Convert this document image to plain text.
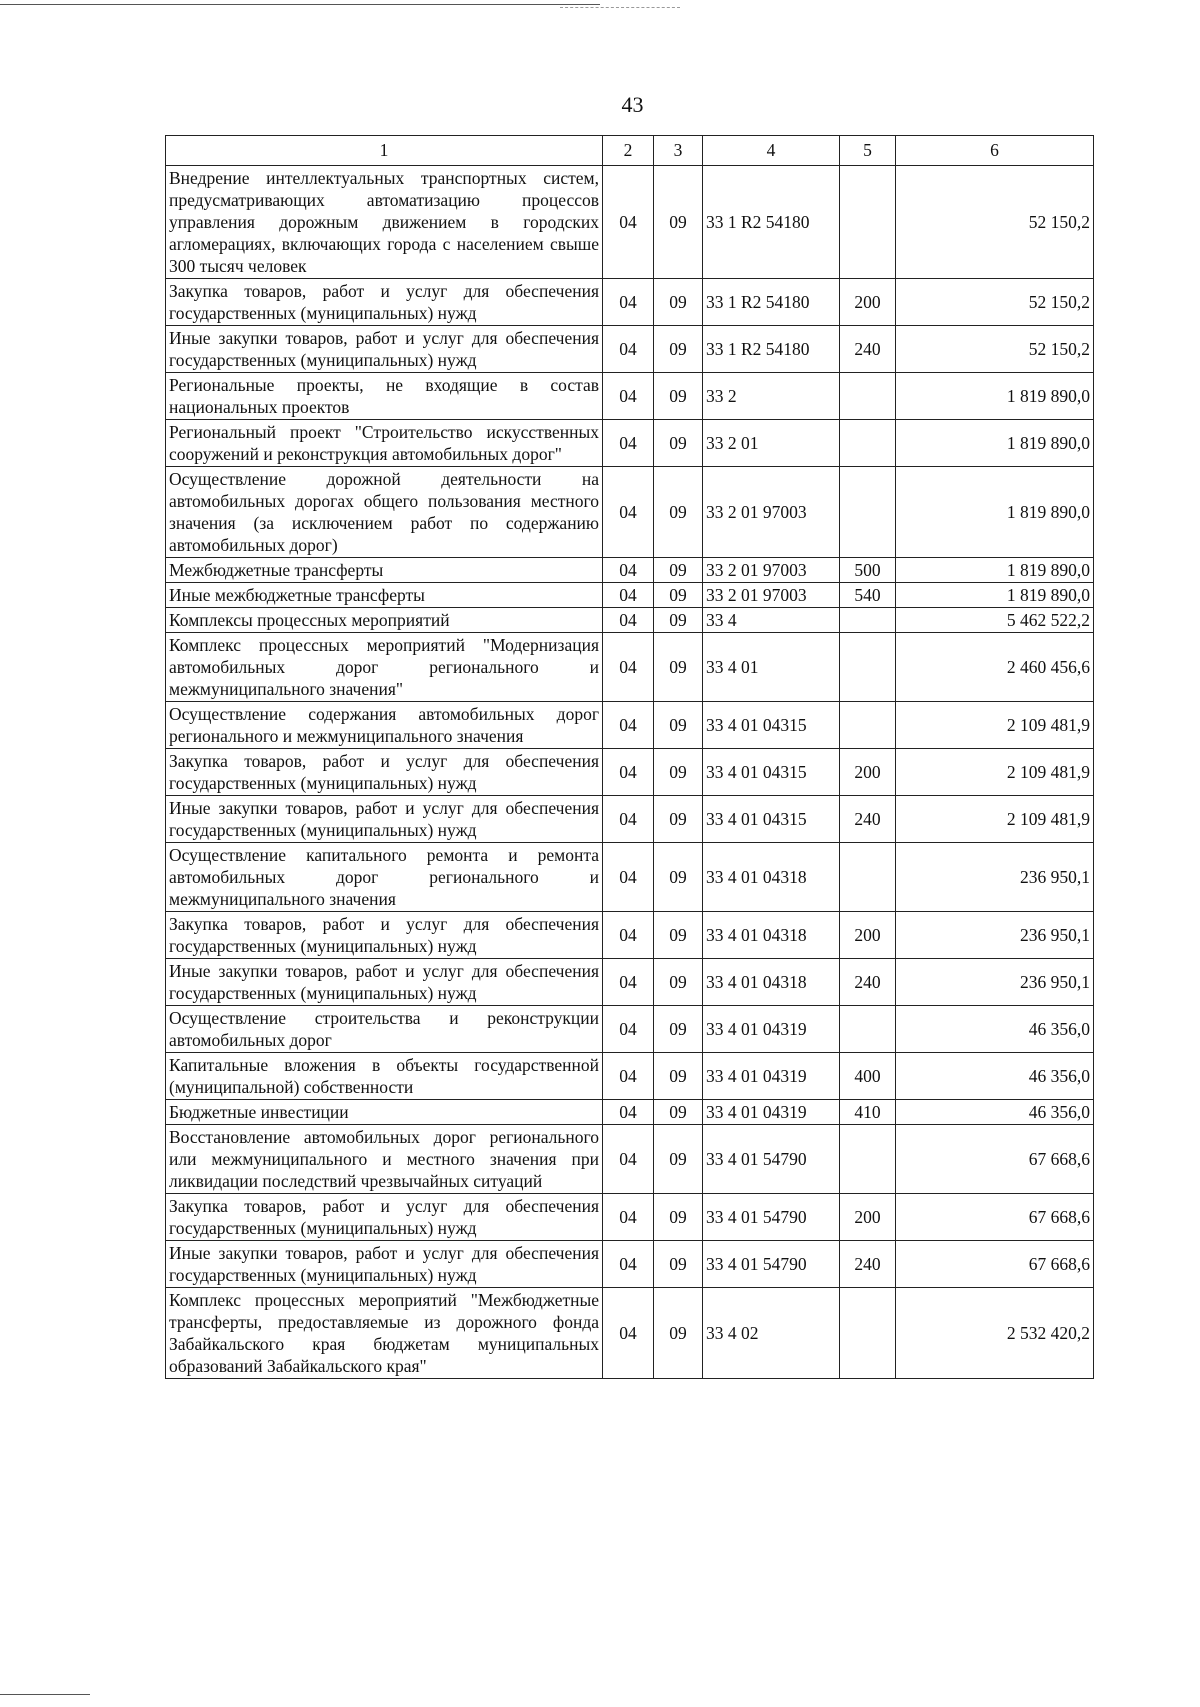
43
1	2	3	4	5	6
Внедрение интеллектуальных транспортных систем, предусматривающих автоматизацию процессов управления дорожным движением в городских агломерациях, включающих города с населением свыше 300 тысяч человек	04	09	33 1 R2 54180		52 150,2
Закупка товаров, работ и услуг для обеспечения государственных (муниципальных) нужд	04	09	33 1 R2 54180	200	52 150,2
Иные закупки товаров, работ и услуг для обеспечения государственных (муниципальных) нужд	04	09	33 1 R2 54180	240	52 150,2
Региональные проекты, не входящие в состав национальных проектов	04	09	33 2		1 819 890,0
Региональный проект "Строительство искусственных сооружений и реконструкция автомобильных дорог"	04	09	33 2 01		1 819 890,0
Осуществление дорожной деятельности на автомобильных дорогах общего пользования местного значения (за исключением работ по содержанию автомобильных дорог)	04	09	33 2 01 97003		1 819 890,0
Межбюджетные трансферты	04	09	33 2 01 97003	500	1 819 890,0
Иные межбюджетные трансферты	04	09	33 2 01 97003	540	1 819 890,0
Комплексы процессных мероприятий	04	09	33 4		5 462 522,2
Комплекс процессных мероприятий "Модернизация автомобильных дорог регионального и межмуниципального значения"	04	09	33 4 01		2 460 456,6
Осуществление содержания автомобильных дорог регионального и межмуниципального значения	04	09	33 4 01 04315		2 109 481,9
Закупка товаров, работ и услуг для обеспечения государственных (муниципальных) нужд	04	09	33 4 01 04315	200	2 109 481,9
Иные закупки товаров, работ и услуг для обеспечения государственных (муниципальных) нужд	04	09	33 4 01 04315	240	2 109 481,9
Осуществление капитального ремонта и ремонта автомобильных дорог регионального и межмуниципального значения	04	09	33 4 01 04318		236 950,1
Закупка товаров, работ и услуг для обеспечения государственных (муниципальных) нужд	04	09	33 4 01 04318	200	236 950,1
Иные закупки товаров, работ и услуг для обеспечения государственных (муниципальных) нужд	04	09	33 4 01 04318	240	236 950,1
Осуществление строительства и реконструкции автомобильных дорог	04	09	33 4 01 04319		46 356,0
Капитальные вложения в объекты государственной (муниципальной) собственности	04	09	33 4 01 04319	400	46 356,0
Бюджетные инвестиции	04	09	33 4 01 04319	410	46 356,0
Восстановление автомобильных дорог регионального или межмуниципального и местного значения при ликвидации последствий чрезвычайных ситуаций	04	09	33 4 01 54790		67 668,6
Закупка товаров, работ и услуг для обеспечения государственных (муниципальных) нужд	04	09	33 4 01 54790	200	67 668,6
Иные закупки товаров, работ и услуг для обеспечения государственных (муниципальных) нужд	04	09	33 4 01 54790	240	67 668,6
Комплекс процессных мероприятий "Межбюджетные трансферты, предоставляемые из дорожного фонда Забайкальского края бюджетам муниципальных образований Забайкальского края"	04	09	33 4 02		2 532 420,2
